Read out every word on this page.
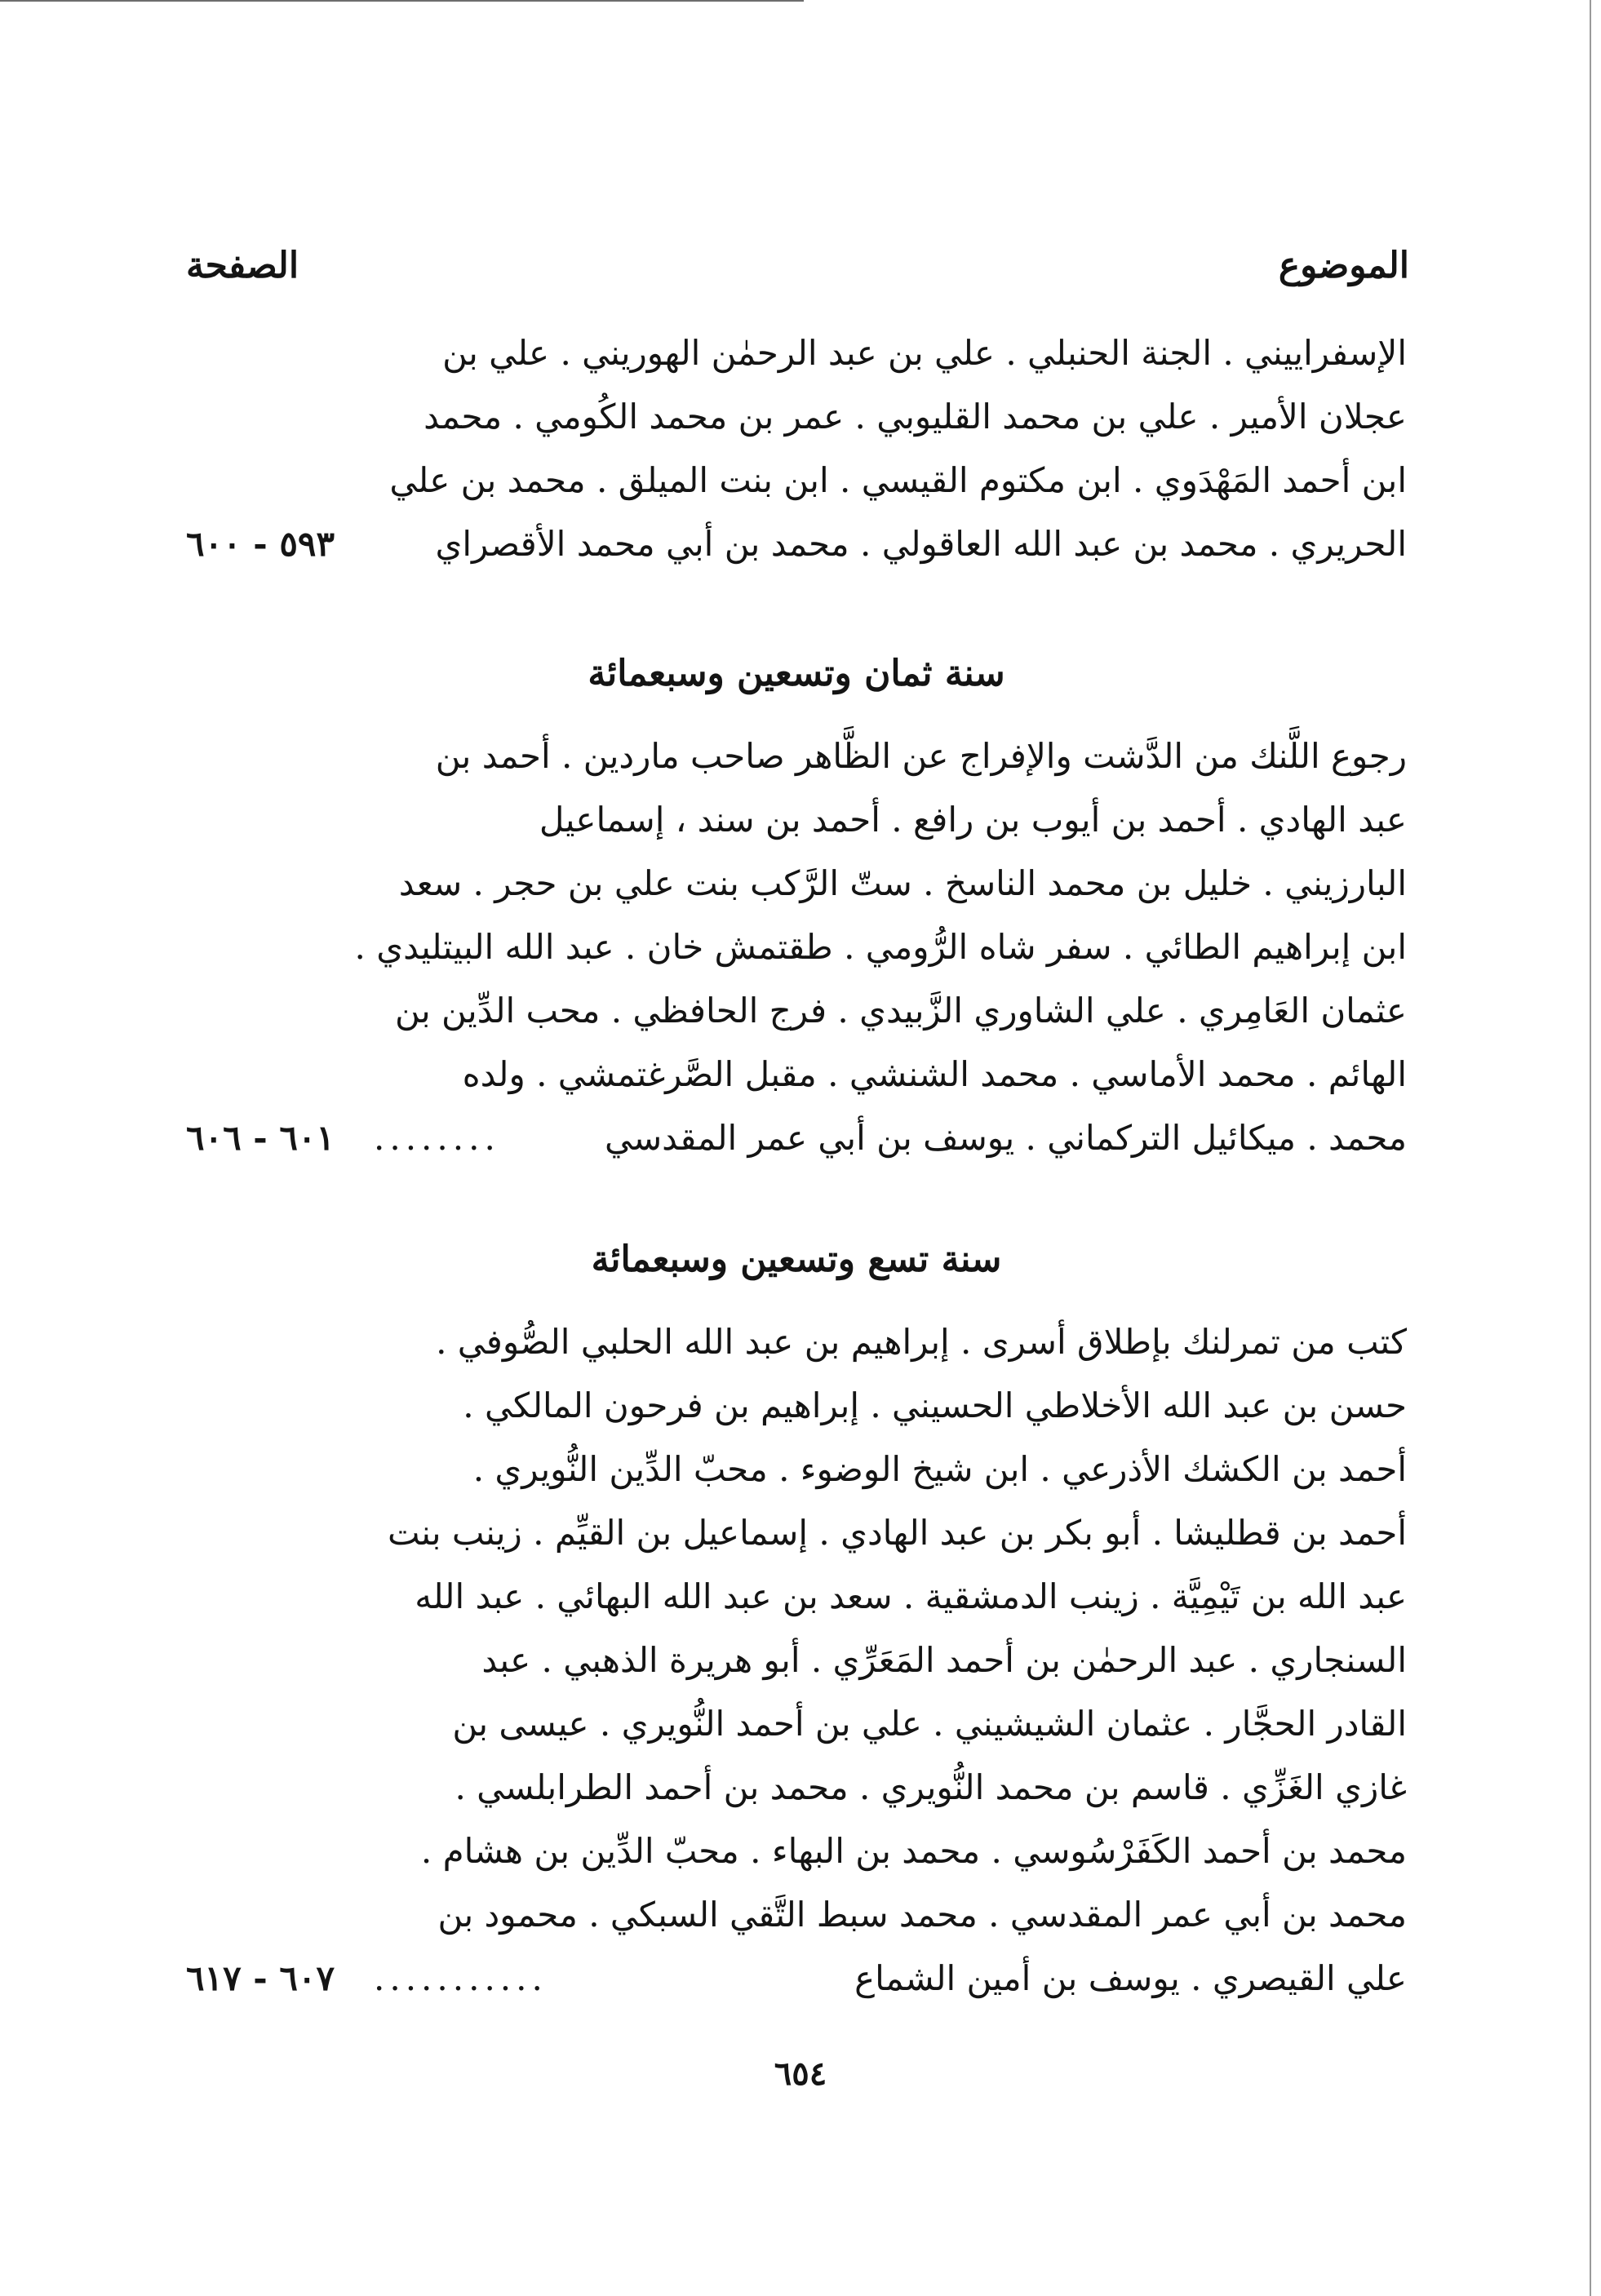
الموضوع
الصفحة
الإسفراييني . الجنة الحنبلي . علي بن عبد الرحمٰن الهوريني . علي بن
عجلان الأمير . علي بن محمد القليوبي . عمر بن محمد الكُومي . محمد
ابن أحمد المَهْدَوي . ابن مكتوم القيسي . ابن بنت الميلق . محمد بن علي
الحريري . محمد بن عبد الله العاقولي . محمد بن أبي محمد الأقصراي
٥٩٣ - ٦٠٠
سنة ثمان وتسعين وسبعمائة
رجوع اللَّنك من الدَّشت والإفراج عن الظَّاهر صاحب ماردين . أحمد بن
عبد الهادي . أحمد بن أيوب بن رافع . أحمد بن سند ، إسماعيل
البارزيني . خليل بن محمد الناسخ . ستّ الرَّكب بنت علي بن حجر . سعد
ابن إبراهيم الطائي . سفر شاه الرُّومي . طقتمش خان . عبد الله البيتليدي .
عثمان العَامِري . علي الشاوري الزَّبيدي . فرج الحافظي . محب الدِّين بن
الهائم . محمد الأماسي . محمد الشنشي . مقبل الصَّرغتمشي . ولده
محمد . ميكائيل التركماني . يوسف بن أبي عمر المقدسي
........
٦٠١ - ٦٠٦
سنة تسع وتسعين وسبعمائة
كتب من تمرلنك بإطلاق أسرى . إبراهيم بن عبد الله الحلبي الصُّوفي .
حسن بن عبد الله الأخلاطي الحسيني . إبراهيم بن فرحون المالكي .
أحمد بن الكشك الأذرعي . ابن شيخ الوضوء . محبّ الدِّين النُّويري .
أحمد بن قطليشا . أبو بكر بن عبد الهادي . إسماعيل بن القيِّم . زينب بنت
عبد الله بن تَيْمِيَّة . زينب الدمشقية . سعد بن عبد الله البهائي . عبد الله
السنجاري . عبد الرحمٰن بن أحمد المَعَرِّي . أبو هريرة الذهبي . عبد
القادر الحجَّار . عثمان الشيشيني . علي بن أحمد النُّويري . عيسى بن
غازي الغَزِّي . قاسم بن محمد النُّويري . محمد بن أحمد الطرابلسي .
محمد بن أحمد الكَفَرْسُوسي . محمد بن البهاء . محبّ الدِّين بن هشام .
محمد بن أبي عمر المقدسي . محمد سبط التَّقي السبكي . محمود بن
علي القيصري . يوسف بن أمين الشماع
...........
٦٠٧ - ٦١٧
٦٥٤
